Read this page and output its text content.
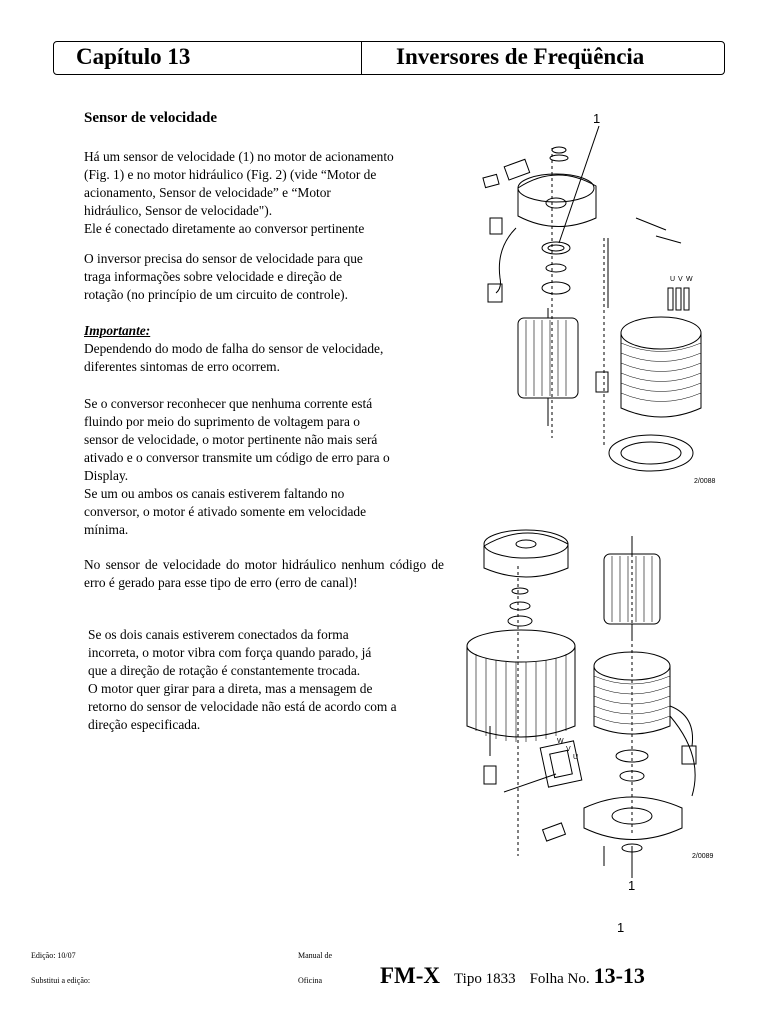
Capítulo 13	Inversores de Freqüência
Sensor de velocidade

Há um sensor de velocidade (1) no motor de acionamento

(Fig. 1) e no motor hidráulico (Fig. 2) (vide “Motor de

acionamento, Sensor de velocidade” e “Motor

hidráulico, Sensor de velocidade").

Ele é conectado diretamente ao conversor pertinente

O inversor precisa do sensor de velocidade para que

traga informações sobre velocidade e direção de

rotação (no princípio de um circuito de controle).

Importante:

Dependendo do modo de falha do sensor de velocidade,

diferentes sintomas de erro ocorrem.

Se o conversor reconhecer que nenhuma corrente está

fluindo por meio do suprimento de voltagem para o

sensor de velocidade, o motor pertinente não mais será

ativado e o conversor transmite um código de erro para o

Display.

Se um ou ambos os canais estiverem faltando no

conversor, o motor é ativado somente em velocidade

mínima.

No sensor de velocidade do motor hidráulico nenhum código de erro é gerado para esse tipo de erro (erro de canal)!

Se os dois canais estiverem conectados da forma

incorreta, o motor vibra com força quando parado, já

que a direção de rotação é constantemente trocada.

O motor quer girar para a direta, mas a mensagem de

retorno do sensor de velocidade não está de acordo com a

direção especificada.

1
2/0088
U V W
W
V
U
2/0089
1
1
Edição: 10/07
Substitui a edição:
Manual de
Oficina	FM-X Tipo 1833 Folha No. 13-13
